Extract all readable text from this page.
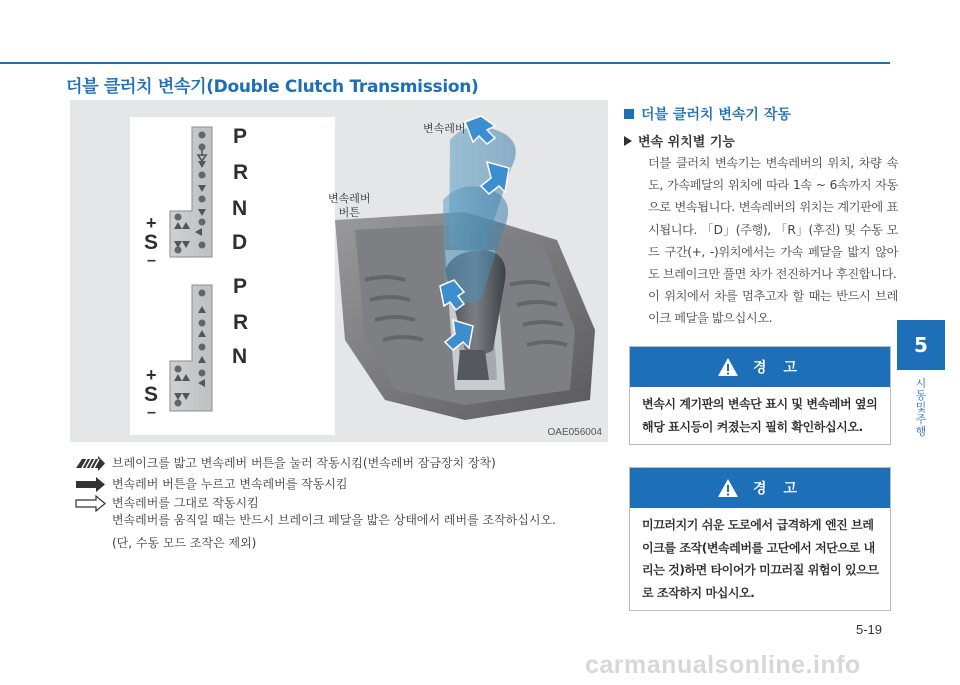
더블 클러치 변속기(Double Clutch Transmission)
P
R
N
D
+
S
–
P
R
N
+
S
–
변속레버
변속레버
버튼
OAE056004
브레이크를 밟고 변속레버 버튼을 눌러 작동시킴(변속레버 잠금장치 장착)
변속레버 버튼을 누르고 변속레버를 작동시킴
변속레버를 그대로 작동시킴
변속레버를 움직일 때는 반드시 브레이크 페달을 밟은 상태에서 레버를 조작하십시오.
(단, 수동 모드 조작은 제외)
더블 클러치 변속기 작동
변속 위치별 기능

더블 클러치 변속기는 변속레버의 위치, 차량 속도, 가속페달의 위치에 따라 1속 ~ 6속까지 자동으로 변속됩니다. 변속레버의 위치는 계기판에 표시됩니다. 「D」(주행), 「R」(후진) 및 수동 모드 구간(+, -)위치에서는 가속 페달을 밟지 않아도 브레이크만 풀면 차가 전진하거나 후진합니다.

이 위치에서 차를 멈추고자 할 때는 반드시 브레이크 페달을 밟으십시오.

경 고
변속시 계기판의 변속단 표시 및 변속레버 옆의 해당 표시등이 켜졌는지 필히 확인하십시오.
경 고
미끄러지기 쉬운 도로에서 급격하게 엔진 브레이크를 조작(변속레버를 고단에서 저단으로 내리는 것)하면 타이어가 미끄러질 위험이 있으므로 조작하지 마십시오.
5
시동 및 주행
5-19
carmanualsonline.info
